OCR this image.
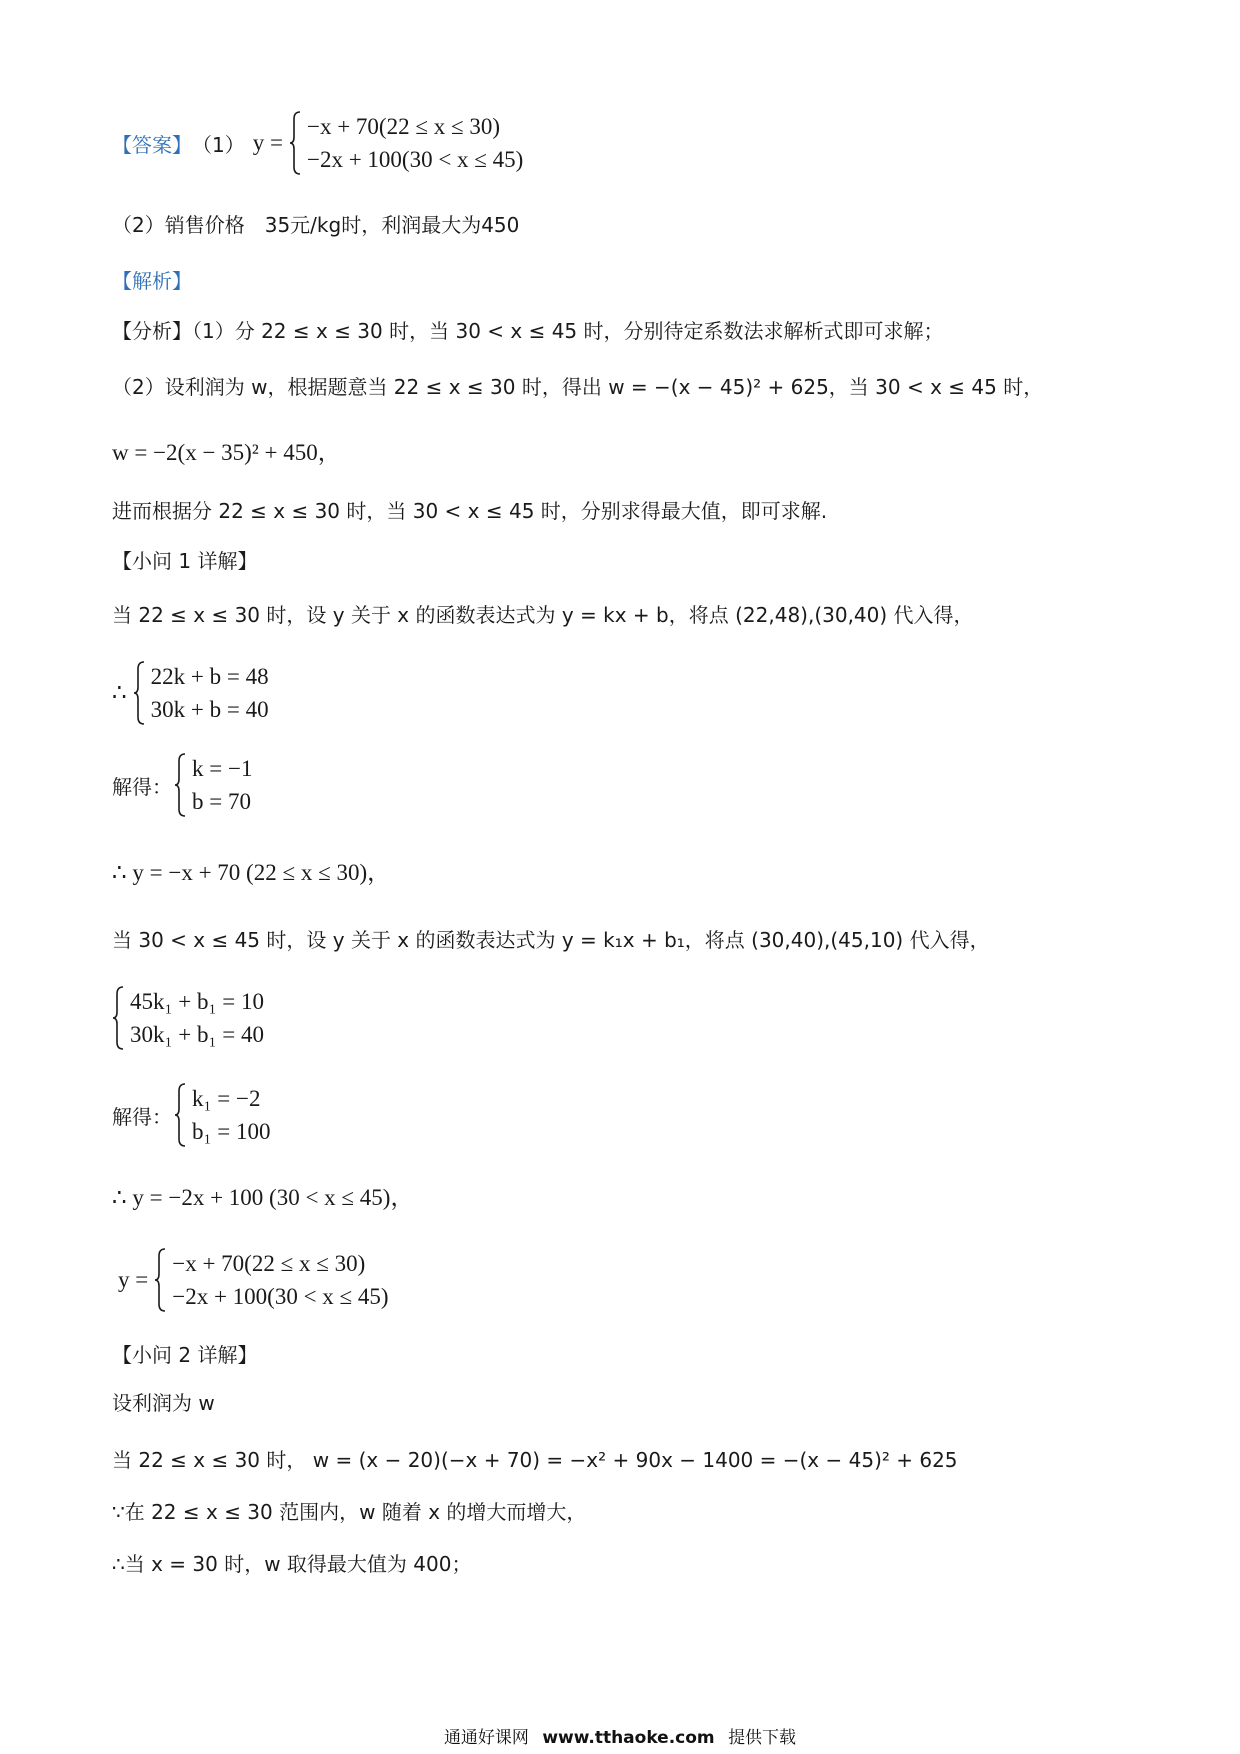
【答案】 （1） y =
−x + 70(22 ≤ x ≤ 30)
−2x + 100(30 < x ≤ 45)
（2）销售价格　35元/kg时，利润最大为450
【解析】
【分析】（1）分 22 ≤ x ≤ 30 时，当 30 < x ≤ 45 时，分别待定系数法求解析式即可求解；
（2）设利润为 w，根据题意当 22 ≤ x ≤ 30 时，得出 w = −(x − 45)² + 625，当 30 < x ≤ 45 时，
w = −2(x − 35)² + 450，
进而根据分 22 ≤ x ≤ 30 时，当 30 < x ≤ 45 时，分别求得最大值，即可求解.
【小问 1 详解】
当 22 ≤ x ≤ 30 时，设 y 关于 x 的函数表达式为 y = kx + b，将点 (22,48),(30,40) 代入得，
∴
22k + b = 48
30k + b = 40
解得：
k = −1
b = 70
∴ y = −x + 70 (22 ≤ x ≤ 30)，
当 30 < x ≤ 45 时，设 y 关于 x 的函数表达式为 y = k₁x + b₁，将点 (30,40),(45,10) 代入得，
45k₁ + b₁ = 10
30k₁ + b₁ = 40
解得：
k₁ = −2
b₁ = 100
∴ y = −2x + 100 (30 < x ≤ 45)，
y =
−x + 70(22 ≤ x ≤ 30)
−2x + 100(30 < x ≤ 45)
【小问 2 详解】
设利润为 w
当 22 ≤ x ≤ 30 时， w = (x − 20)(−x + 70) = −x² + 90x − 1400 = −(x − 45)² + 625
∵在 22 ≤ x ≤ 30 范围内，w 随着 x 的增大而增大，
∴当 x = 30 时，w 取得最大值为 400；
通通好课网 www.tthaoke.com 提供下载
